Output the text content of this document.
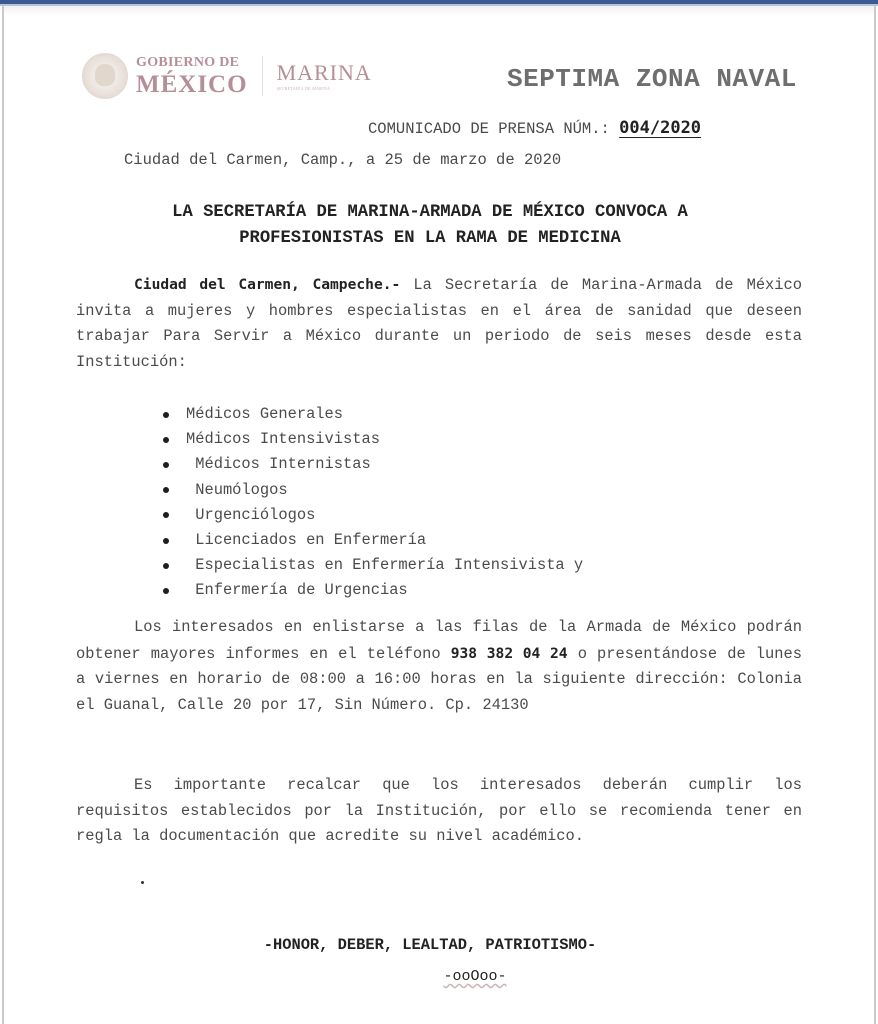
GOBIERNO DE
MÉXICO MARINA
SECRETARÍA DE MARINA	SEPTIMA ZONA NAVAL
COMUNICADO DE PRENSA NÚM.: 004/2020
Ciudad del Carmen, Camp., a 25 de marzo de 2020
LA SECRETARÍA DE MARINA-ARMADA DE MÉXICO CONVOCA A
PROFESIONISTAS EN LA RAMA DE MEDICINA
Ciudad del Carmen, Campeche.- La Secretaría de Marina-Armada de México invita a mujeres y hombres especialistas en el área de sanidad que deseen trabajar Para Servir a México durante un periodo de seis meses desde esta Institución:
Médicos Generales
Médicos Intensivistas
Médicos Internistas
Neumólogos
Urgenciólogos
Licenciados en Enfermería
Especialistas en Enfermería Intensivista y
Enfermería de Urgencias
Los interesados en enlistarse a las filas de la Armada de México podrán obtener mayores informes en el teléfono 938 382 04 24 o presentándose de lunes a viernes en horario de 08:00 a 16:00 horas en la siguiente dirección: Colonia el Guanal, Calle 20 por 17, Sin Número. Cp. 24130
Es importante recalcar que los interesados deberán cumplir los requisitos establecidos por la Institución, por ello se recomienda tener en regla la documentación que acredite su nivel académico.
-HONOR, DEBER, LEALTAD, PATRIOTISMO-
-ooOoo-
